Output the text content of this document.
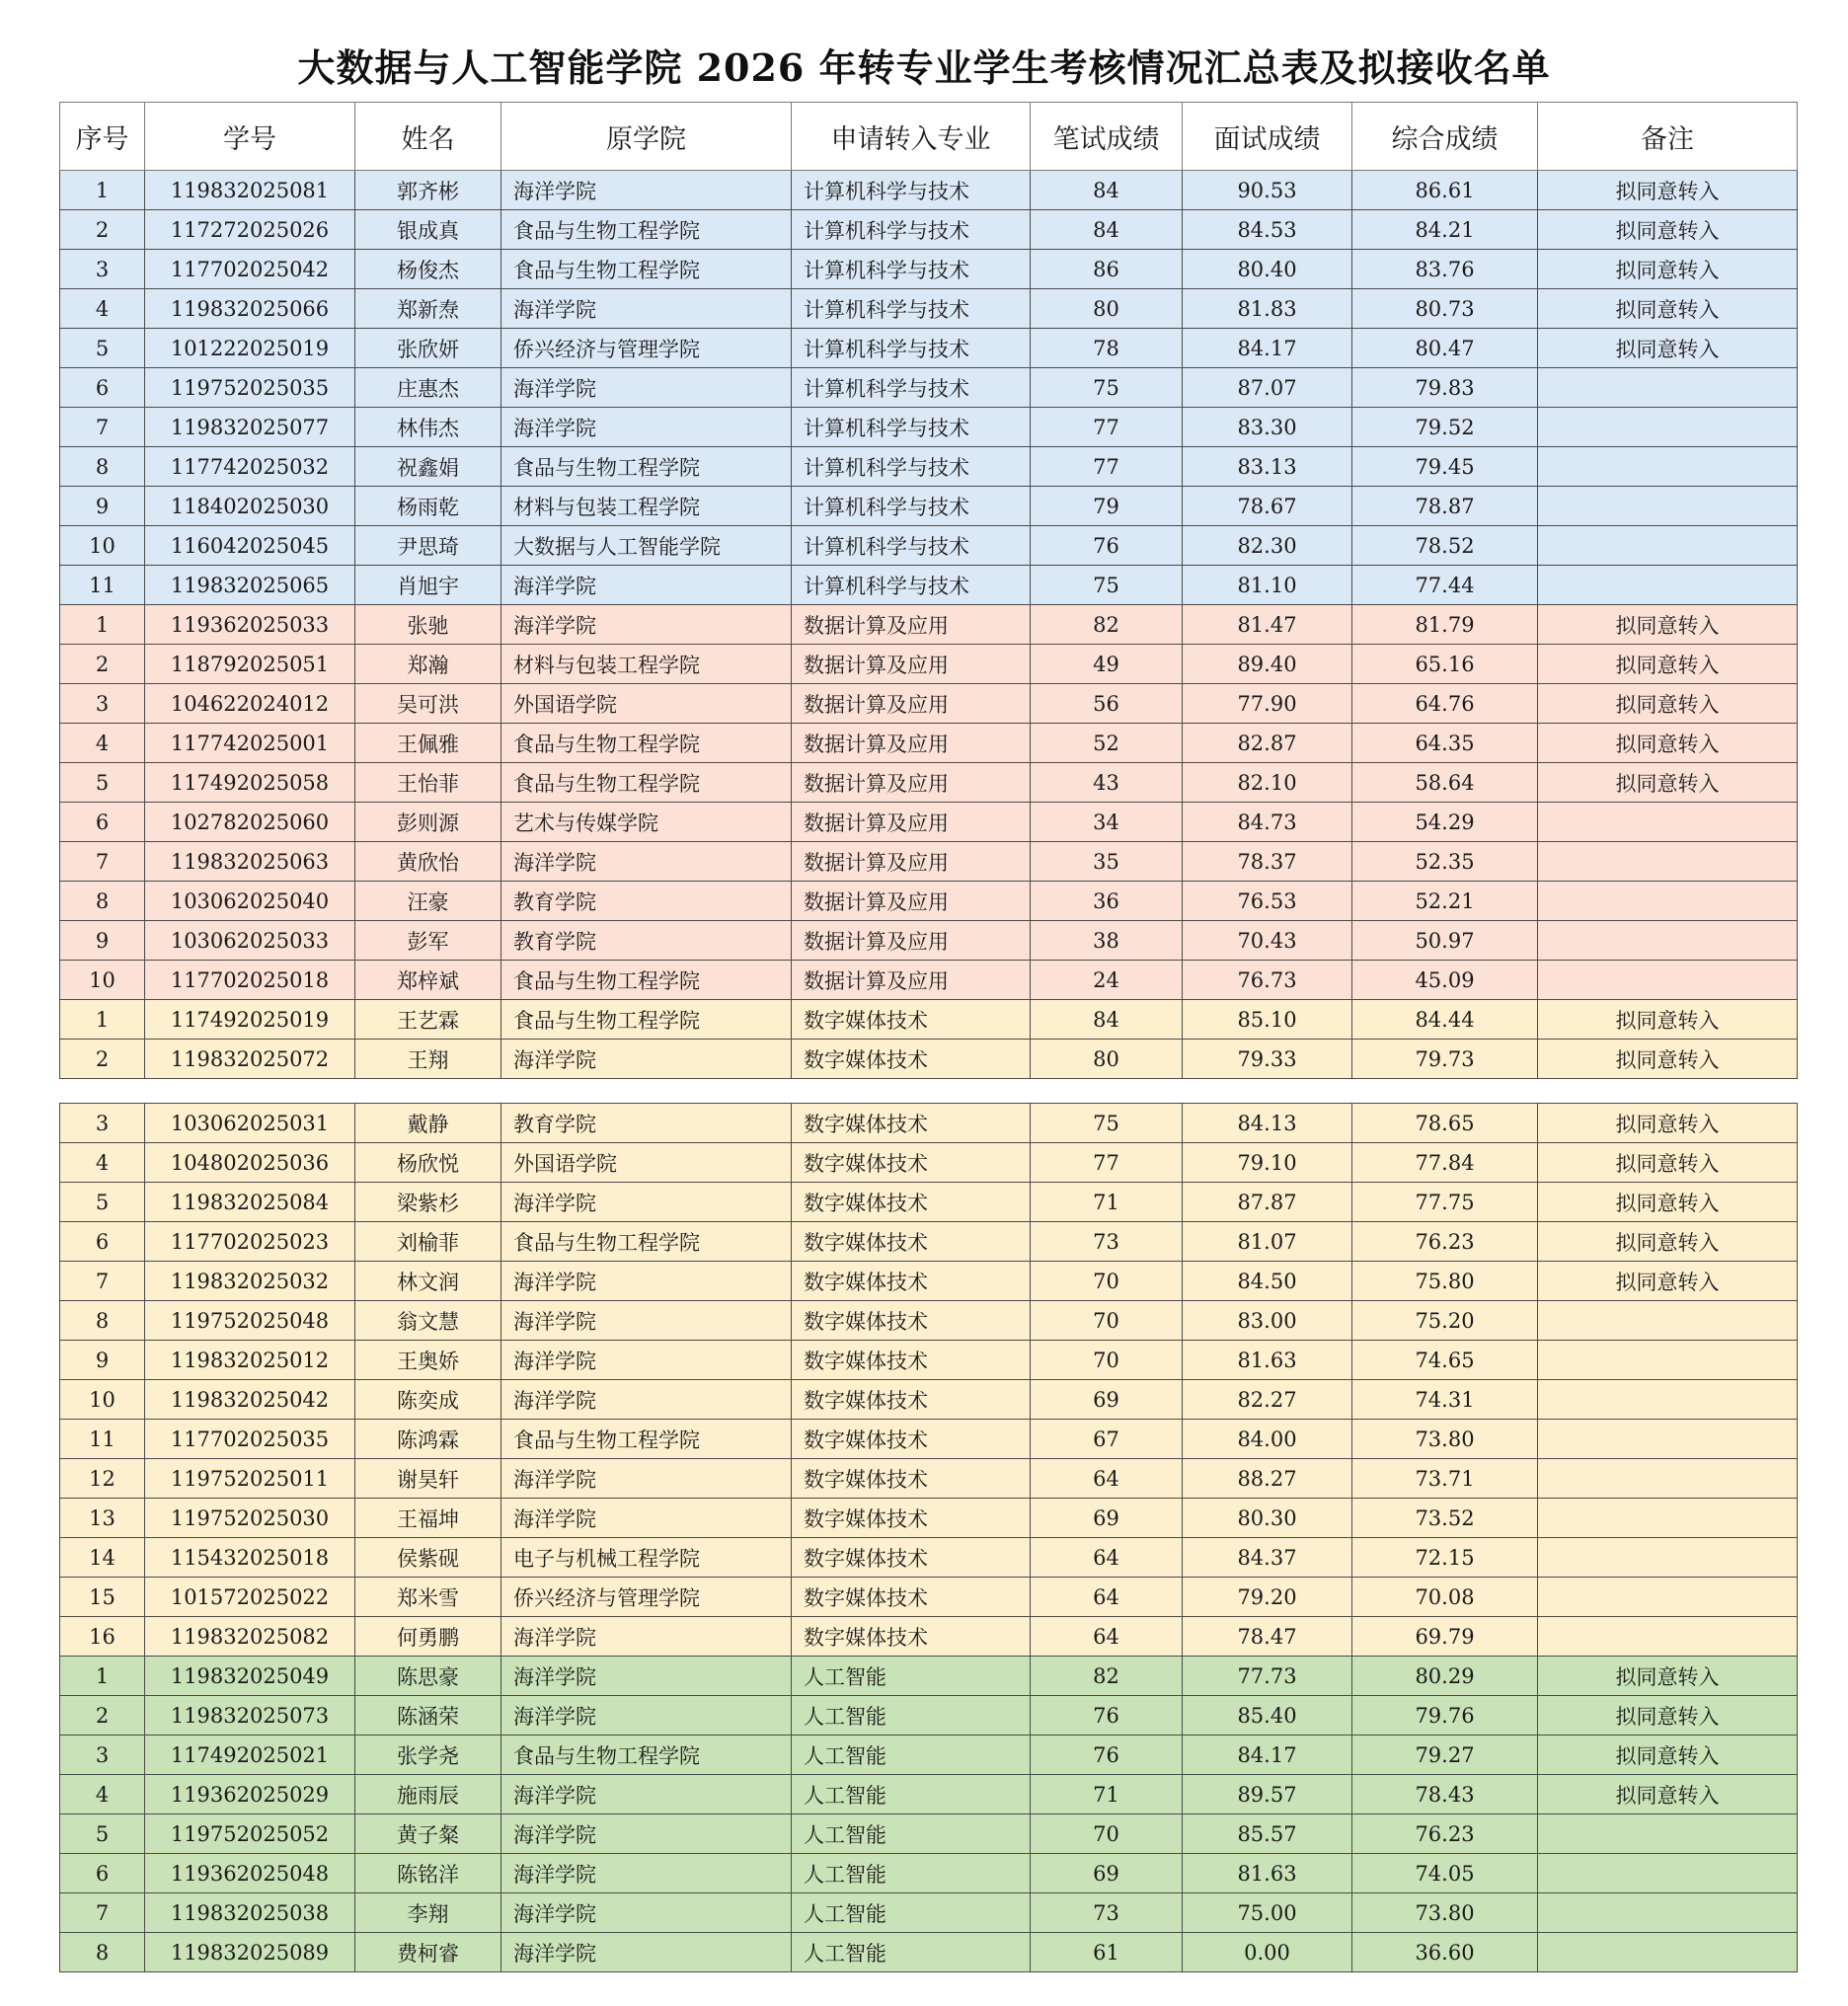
大数据与人工智能学院 2026 年转专业学生考核情况汇总表及拟接收名单
序号	学号	姓名	原学院	申请转入专业	笔试成绩	面试成绩	综合成绩	备注
1	119832025081	郭齐彬	海洋学院	计算机科学与技术	84	90.53	86.61	拟同意转入
2	117272025026	银成真	食品与生物工程学院	计算机科学与技术	84	84.53	84.21	拟同意转入
3	117702025042	杨俊杰	食品与生物工程学院	计算机科学与技术	86	80.40	83.76	拟同意转入
4	119832025066	郑新焘	海洋学院	计算机科学与技术	80	81.83	80.73	拟同意转入
5	101222025019	张欣妍	侨兴经济与管理学院	计算机科学与技术	78	84.17	80.47	拟同意转入
6	119752025035	庄惠杰	海洋学院	计算机科学与技术	75	87.07	79.83	
7	119832025077	林伟杰	海洋学院	计算机科学与技术	77	83.30	79.52	
8	117742025032	祝鑫娟	食品与生物工程学院	计算机科学与技术	77	83.13	79.45	
9	118402025030	杨雨乾	材料与包装工程学院	计算机科学与技术	79	78.67	78.87	
10	116042025045	尹思琦	大数据与人工智能学院	计算机科学与技术	76	82.30	78.52	
11	119832025065	肖旭宇	海洋学院	计算机科学与技术	75	81.10	77.44	
1	119362025033	张驰	海洋学院	数据计算及应用	82	81.47	81.79	拟同意转入
2	118792025051	郑瀚	材料与包装工程学院	数据计算及应用	49	89.40	65.16	拟同意转入
3	104622024012	吴可洪	外国语学院	数据计算及应用	56	77.90	64.76	拟同意转入
4	117742025001	王佩雅	食品与生物工程学院	数据计算及应用	52	82.87	64.35	拟同意转入
5	117492025058	王怡菲	食品与生物工程学院	数据计算及应用	43	82.10	58.64	拟同意转入
6	102782025060	彭则源	艺术与传媒学院	数据计算及应用	34	84.73	54.29	
7	119832025063	黄欣怡	海洋学院	数据计算及应用	35	78.37	52.35	
8	103062025040	汪豪	教育学院	数据计算及应用	36	76.53	52.21	
9	103062025033	彭军	教育学院	数据计算及应用	38	70.43	50.97	
10	117702025018	郑梓斌	食品与生物工程学院	数据计算及应用	24	76.73	45.09	
1	117492025019	王艺霖	食品与生物工程学院	数字媒体技术	84	85.10	84.44	拟同意转入
2	119832025072	王翔	海洋学院	数字媒体技术	80	79.33	79.73	拟同意转入
3	103062025031	戴静	教育学院	数字媒体技术	75	84.13	78.65	拟同意转入
4	104802025036	杨欣悦	外国语学院	数字媒体技术	77	79.10	77.84	拟同意转入
5	119832025084	梁紫杉	海洋学院	数字媒体技术	71	87.87	77.75	拟同意转入
6	117702025023	刘榆菲	食品与生物工程学院	数字媒体技术	73	81.07	76.23	拟同意转入
7	119832025032	林文润	海洋学院	数字媒体技术	70	84.50	75.80	拟同意转入
8	119752025048	翁文慧	海洋学院	数字媒体技术	70	83.00	75.20	
9	119832025012	王奥娇	海洋学院	数字媒体技术	70	81.63	74.65	
10	119832025042	陈奕成	海洋学院	数字媒体技术	69	82.27	74.31	
11	117702025035	陈鸿霖	食品与生物工程学院	数字媒体技术	67	84.00	73.80	
12	119752025011	谢昊轩	海洋学院	数字媒体技术	64	88.27	73.71	
13	119752025030	王福坤	海洋学院	数字媒体技术	69	80.30	73.52	
14	115432025018	侯紫砚	电子与机械工程学院	数字媒体技术	64	84.37	72.15	
15	101572025022	郑米雪	侨兴经济与管理学院	数字媒体技术	64	79.20	70.08	
16	119832025082	何勇鹏	海洋学院	数字媒体技术	64	78.47	69.79	
1	119832025049	陈思豪	海洋学院	人工智能	82	77.73	80.29	拟同意转入
2	119832025073	陈涵荣	海洋学院	人工智能	76	85.40	79.76	拟同意转入
3	117492025021	张学尧	食品与生物工程学院	人工智能	76	84.17	79.27	拟同意转入
4	119362025029	施雨辰	海洋学院	人工智能	71	89.57	78.43	拟同意转入
5	119752025052	黄子粲	海洋学院	人工智能	70	85.57	76.23	
6	119362025048	陈铭洋	海洋学院	人工智能	69	81.63	74.05	
7	119832025038	李翔	海洋学院	人工智能	73	75.00	73.80	
8	119832025089	费柯睿	海洋学院	人工智能	61	0.00	36.60	
